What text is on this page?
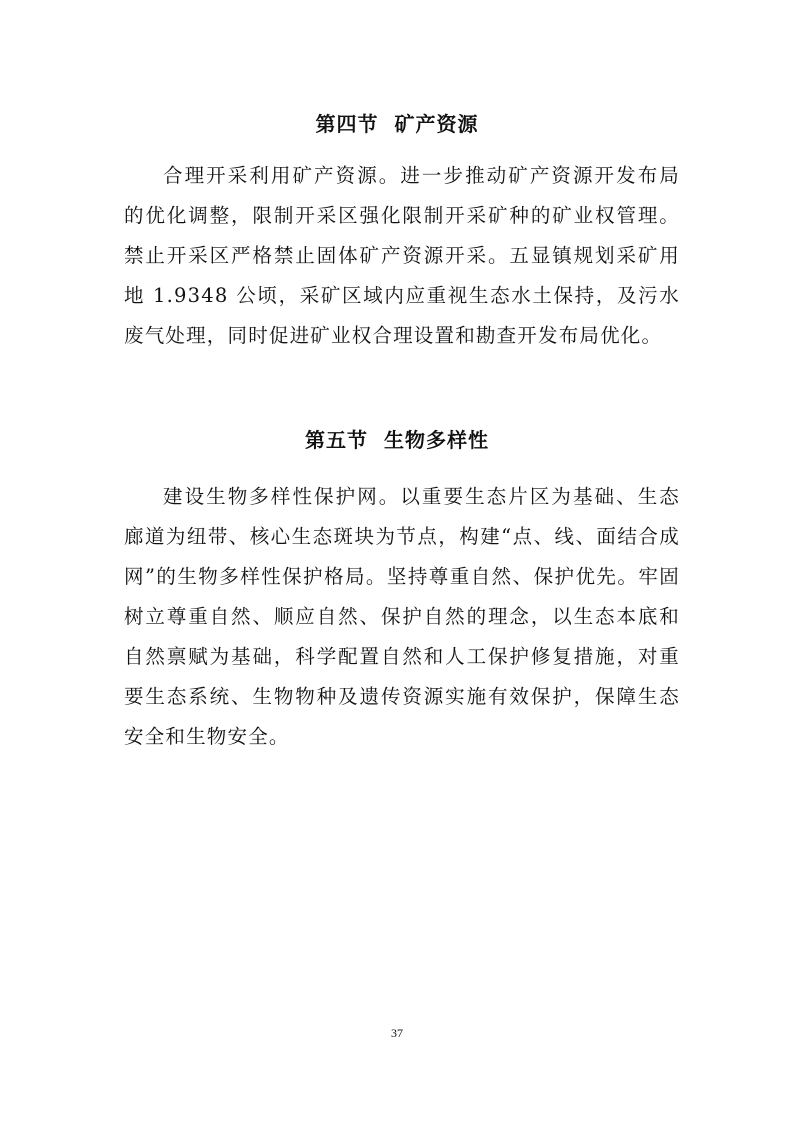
第四节  矿产资源

合理开采利用矿产资源。进一步推动矿产资源开发布局的优化调整，限制开采区强化限制开采矿种的矿业权管理。禁止开采区严格禁止固体矿产资源开采。五显镇规划采矿用地 1.9348 公顷，采矿区域内应重视生态水土保持，及污水废气处理，同时促进矿业权合理设置和勘查开发布局优化。

第五节  生物多样性

建设生物多样性保护网。以重要生态片区为基础、生态廊道为纽带、核心生态斑块为节点，构建“点、线、面结合成网”的生物多样性保护格局。坚持尊重自然、保护优先。牢固树立尊重自然、顺应自然、保护自然的理念，以生态本底和自然禀赋为基础，科学配置自然和人工保护修复措施，对重要生态系统、生物物种及遗传资源实施有效保护，保障生态安全和生物安全。

37
